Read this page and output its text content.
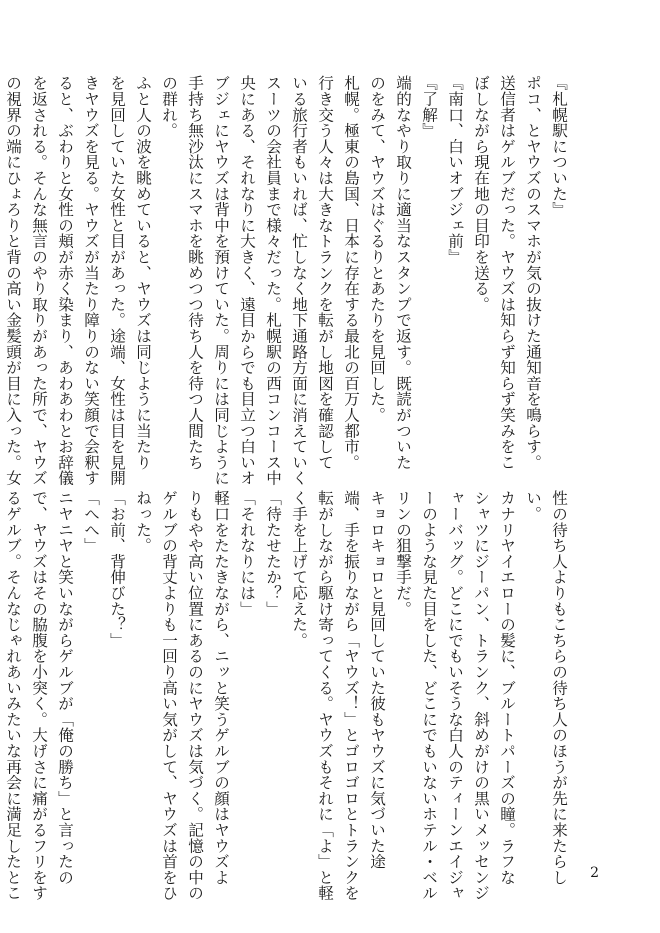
『札幌駅についた』
ポコ、とヤウズのスマホが気の抜けた通知音を鳴らす。
送信者はゲルブだった。ヤウズは知らず知らず笑みをこ
ぼしながら現在地の目印を送る。
『南口、白いオブジェ前』
『了解』
端的なやり取りに適当なスタンプで返す。既読がついた
のをみて、ヤウズはぐるりとあたりを見回した。
札幌。極東の島国、日本に存在する最北の百万人都市。
行き交う人々は大きなトランクを転がし地図を確認して
いる旅行者もいれば、忙しなく地下通路方面に消えていく
スーツの会社員まで様々だった。札幌駅の西コンコース中
央にある、それなりに大きく、遠目からでも目立つ白いオ
ブジェにヤウズは背中を預けていた。周りには同じように
手持ち無沙汰にスマホを眺めつつ待ち人を待つ人間たち
の群れ。
ふと人の波を眺めていると、ヤウズは同じように当たり
を見回していた女性と目があった。途端、女性は目を見開
きヤウズを見る。ヤウズが当たり障りのない笑顔で会釈す
ると、ぶわりと女性の頬が赤く染まり、あわあわとお辞儀
を返される。そんな無言のやり取りがあった所で、ヤウズ
の視界の端にひょろりと背の高い金髪頭が目に入った。女
性の待ち人よりもこちらの待ち人のほうが先に来たらし
い。
カナリヤイエローの髪に、ブルートパーズの瞳。ラフな
シャツにジーパン、トランク、斜めがけの黒いメッセンジ
ャーバッグ。どこにでもいそうな白人のティーンエイジャ
ーのような見た目をした、どこにでもいないホテル・ベル
リンの狙撃手だ。
キョロキョロと見回していた彼もヤウズに気づいた途
端、手を振りながら「ヤウズ！」とゴロゴロとトランクを
転がしながら駆け寄ってくる。ヤウズもそれに「よ」と軽
く手を上げて応えた。
「待たせたか？」
「それなりには」
軽口をたたきながら、ニッと笑うゲルブの顔はヤウズよ
りもやや高い位置にあるのにヤウズは気づく。記憶の中の
ゲルブの背丈よりも一回り高い気がして、ヤウズは首をひ
ねった。
「お前、背伸びた？」
「へへ」
ニヤニヤと笑いながらゲルブが「俺の勝ち」と言ったの
で、ヤウズはその脇腹を小突く。大げさに痛がるフリをす
るゲルブ。そんなじゃれあいみたいな再会に満足したとこ	2
